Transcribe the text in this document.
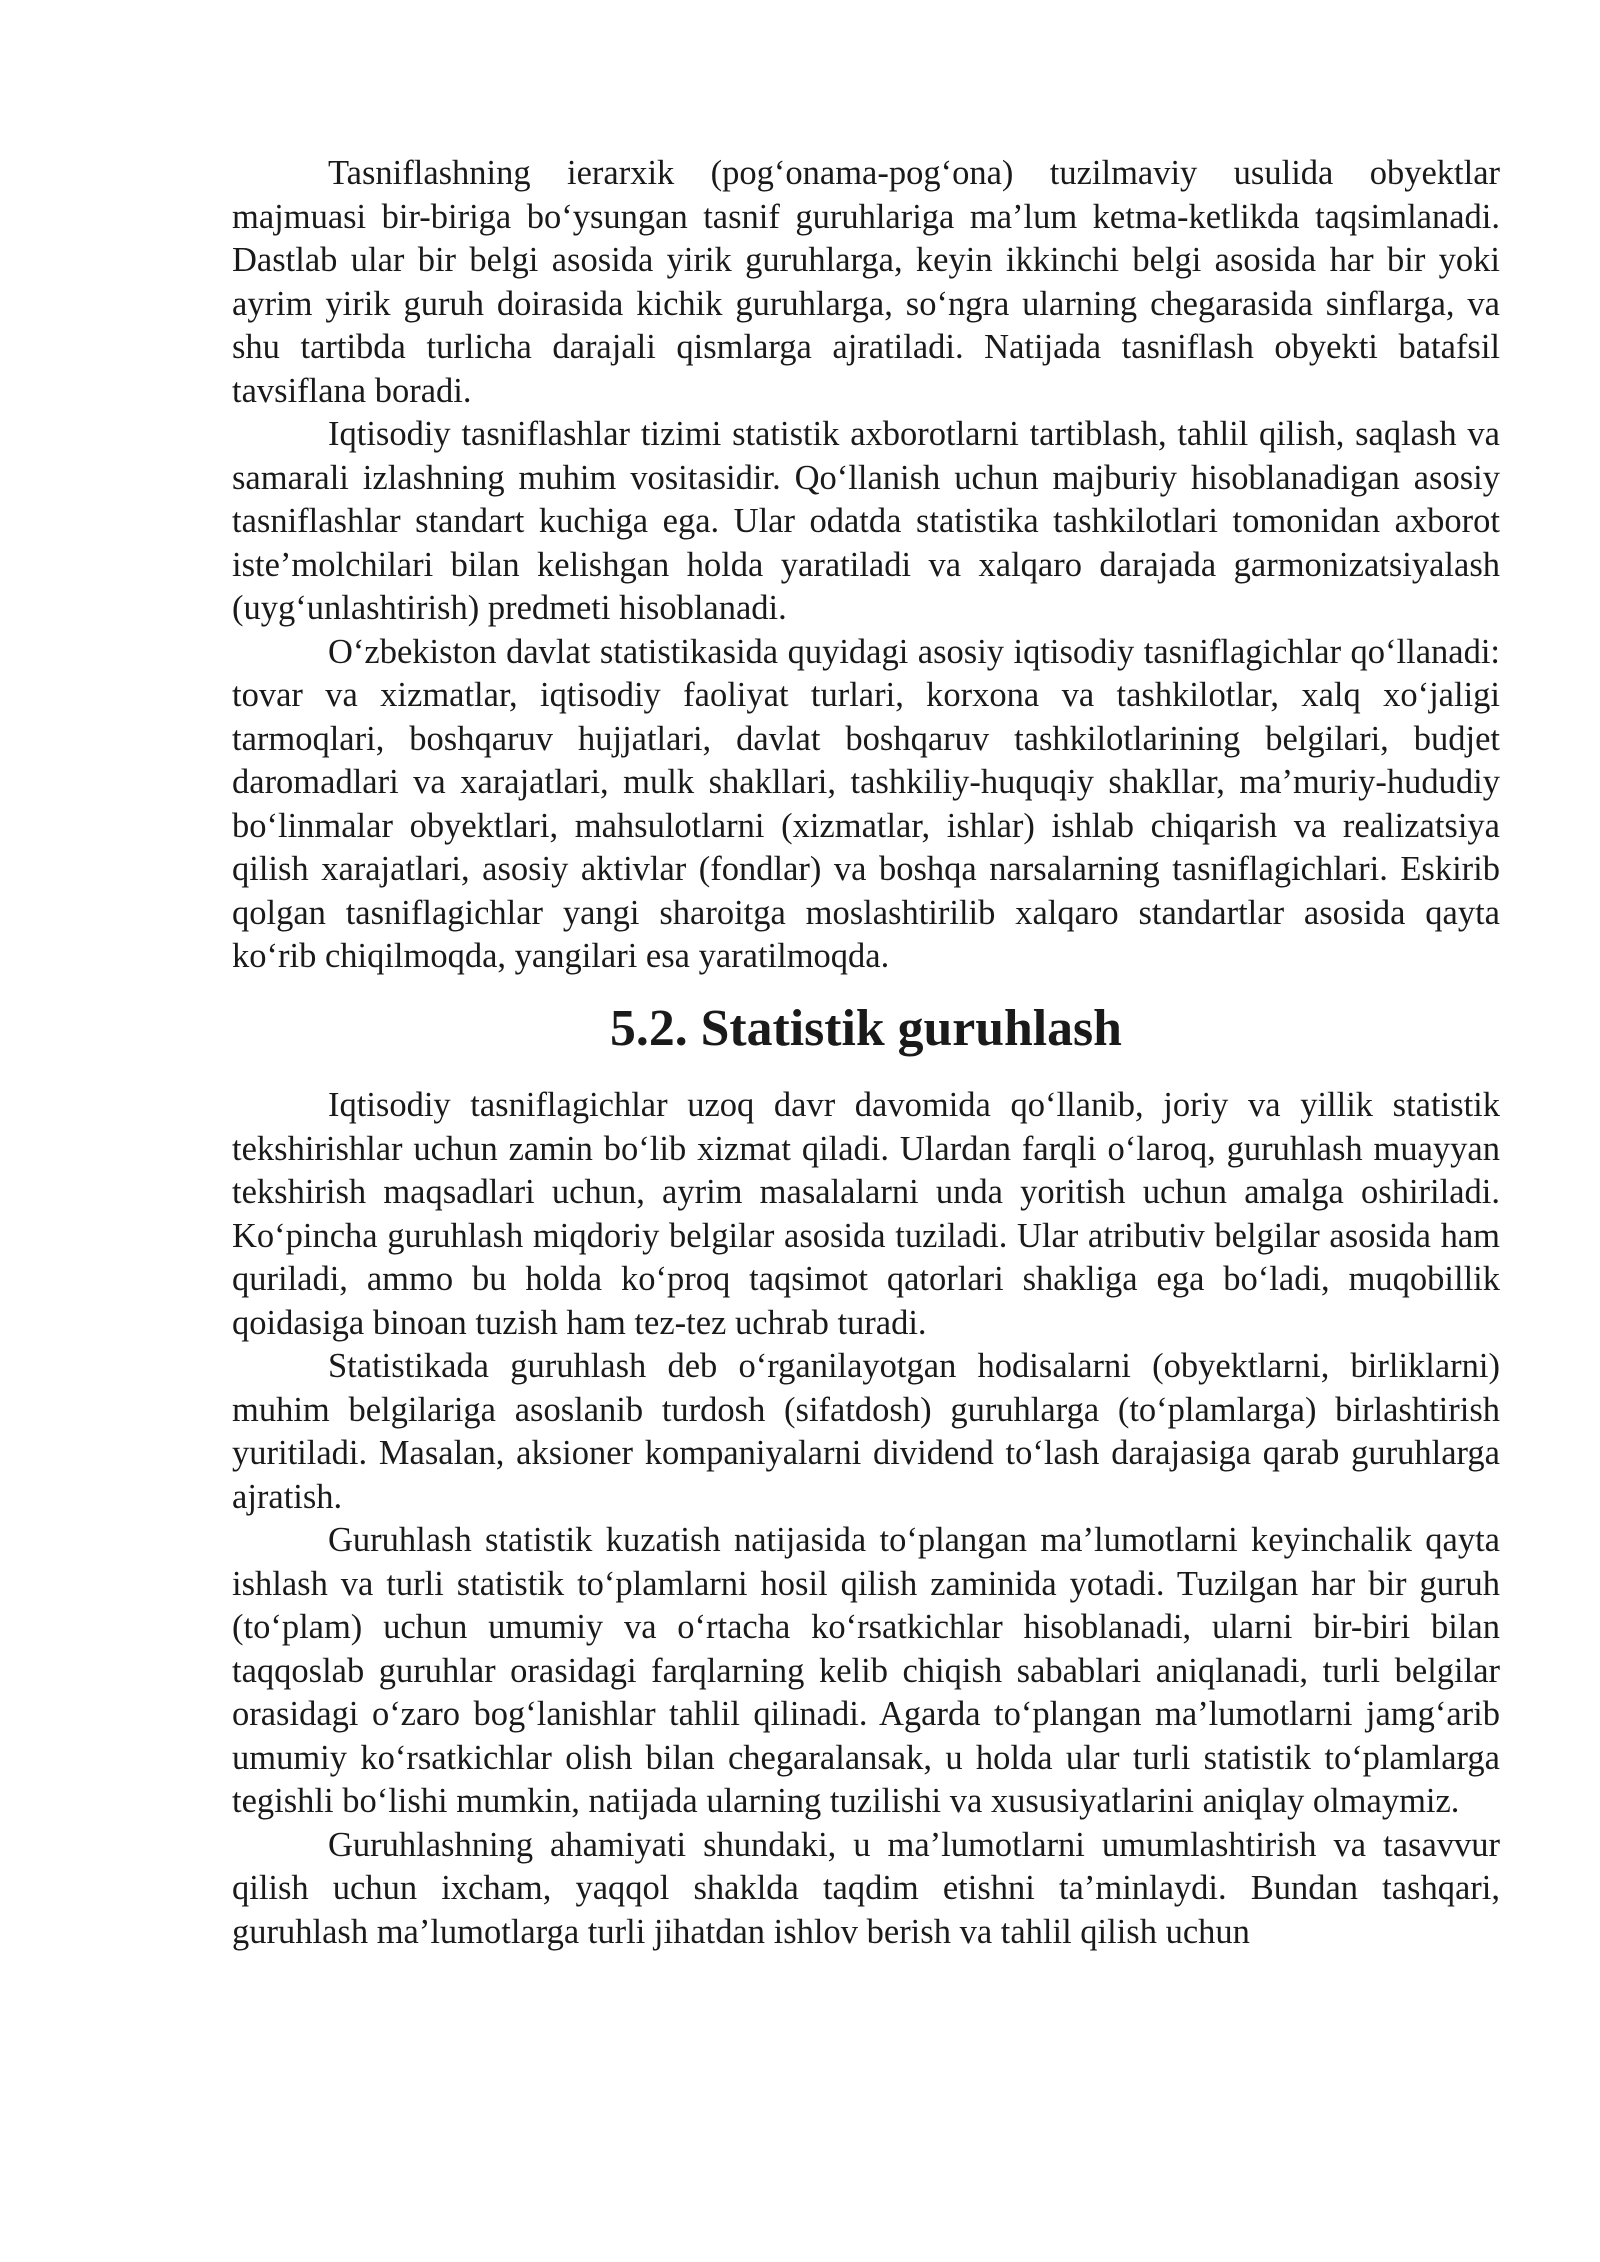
Tasniflashning ierarxik (pog‘onama-pog‘ona) tuzilmaviy usulida obyektlar majmuasi bir-biriga bo‘ysungan tasnif guruhlariga ma’lum ketma-ketlikda taqsimlanadi. Dastlab ular bir belgi asosida yirik guruhlarga, keyin ikkinchi belgi asosida har bir yoki ayrim yirik guruh doirasida kichik guruhlarga, so‘ngra ularning chegarasida sinflarga, va shu tartibda turlicha darajali qismlarga ajratiladi. Natijada tasniflash obyekti batafsil tavsiflana boradi.

Iqtisodiy tasniflashlar tizimi statistik axborotlarni tartiblash, tahlil qilish, saqlash va samarali izlashning muhim vositasidir. Qo‘llanish uchun majburiy hisoblanadigan asosiy tasniflashlar standart kuchiga ega. Ular odatda statistika tashkilotlari tomonidan axborot iste’molchilari bilan kelishgan holda yaratiladi va xalqaro darajada garmonizatsiyalash (uyg‘unlashtirish) predmeti hisoblanadi.

O‘zbekiston davlat statistikasida quyidagi asosiy iqtisodiy tasniflagichlar qo‘llanadi: tovar va xizmatlar, iqtisodiy faoliyat turlari, korxona va tashkilotlar, xalq xo‘jaligi tarmoqlari, boshqaruv hujjatlari, davlat boshqaruv tashkilotlarining belgilari, budjet daromadlari va xarajatlari, mulk shakllari, tashkiliy-huquqiy shakllar, ma’muriy-hududiy bo‘linmalar obyektlari, mahsulotlarni (xizmatlar, ishlar) ishlab chiqarish va realizatsiya qilish xarajatlari, asosiy aktivlar (fondlar) va boshqa narsalarning tasniflagichlari. Eskirib qolgan tasniflagichlar yangi sharoitga moslashtirilib xalqaro standartlar asosida qayta ko‘rib chiqilmoqda, yangilari esa yaratilmoqda.

5.2. Statistik guruhlash

Iqtisodiy tasniflagichlar uzoq davr davomida qo‘llanib, joriy va yillik statistik tekshirishlar uchun zamin bo‘lib xizmat qiladi. Ulardan farqli o‘laroq, guruhlash muayyan tekshirish maqsadlari uchun, ayrim masalalarni unda yoritish uchun amalga oshiriladi. Ko‘pincha guruhlash miqdoriy belgilar asosida tuziladi. Ular atributiv belgilar asosida ham quriladi, ammo bu holda ko‘proq taqsimot qatorlari shakliga ega bo‘ladi, muqobillik qoidasiga binoan tuzish ham tez-tez uchrab turadi.

Statistikada guruhlash deb o‘rganilayotgan hodisalarni (obyektlarni, birliklarni) muhim belgilariga asoslanib turdosh (sifatdosh) guruhlarga (to‘plamlarga) birlashtirish yuritiladi. Masalan, aksioner kompaniyalarni dividend to‘lash darajasiga qarab guruhlarga ajratish.

Guruhlash statistik kuzatish natijasida to‘plangan ma’lumotlarni keyinchalik qayta ishlash va turli statistik to‘plamlarni hosil qilish zaminida yotadi. Tuzilgan har bir guruh (to‘plam) uchun umumiy va o‘rtacha ko‘rsatkichlar hisoblanadi, ularni bir-biri bilan taqqoslab guruhlar orasidagi farqlarning kelib chiqish sabablari aniqlanadi, turli belgilar orasidagi o‘zaro bog‘lanishlar tahlil qilinadi. Agarda to‘plangan ma’lumotlarni jamg‘arib umumiy ko‘rsatkichlar olish bilan chegaralansak, u holda ular turli statistik to‘plamlarga tegishli bo‘lishi mumkin, natijada ularning tuzilishi va xususiyatlarini aniqlay olmaymiz.

Guruhlashning ahamiyati shundaki, u ma’lumotlarni umumlashtirish va tasavvur qilish uchun ixcham, yaqqol shaklda taqdim etishni ta’minlaydi. Bundan tashqari, guruhlash ma’lumotlarga turli jihatdan ishlov berish va tahlil qilish uchun
